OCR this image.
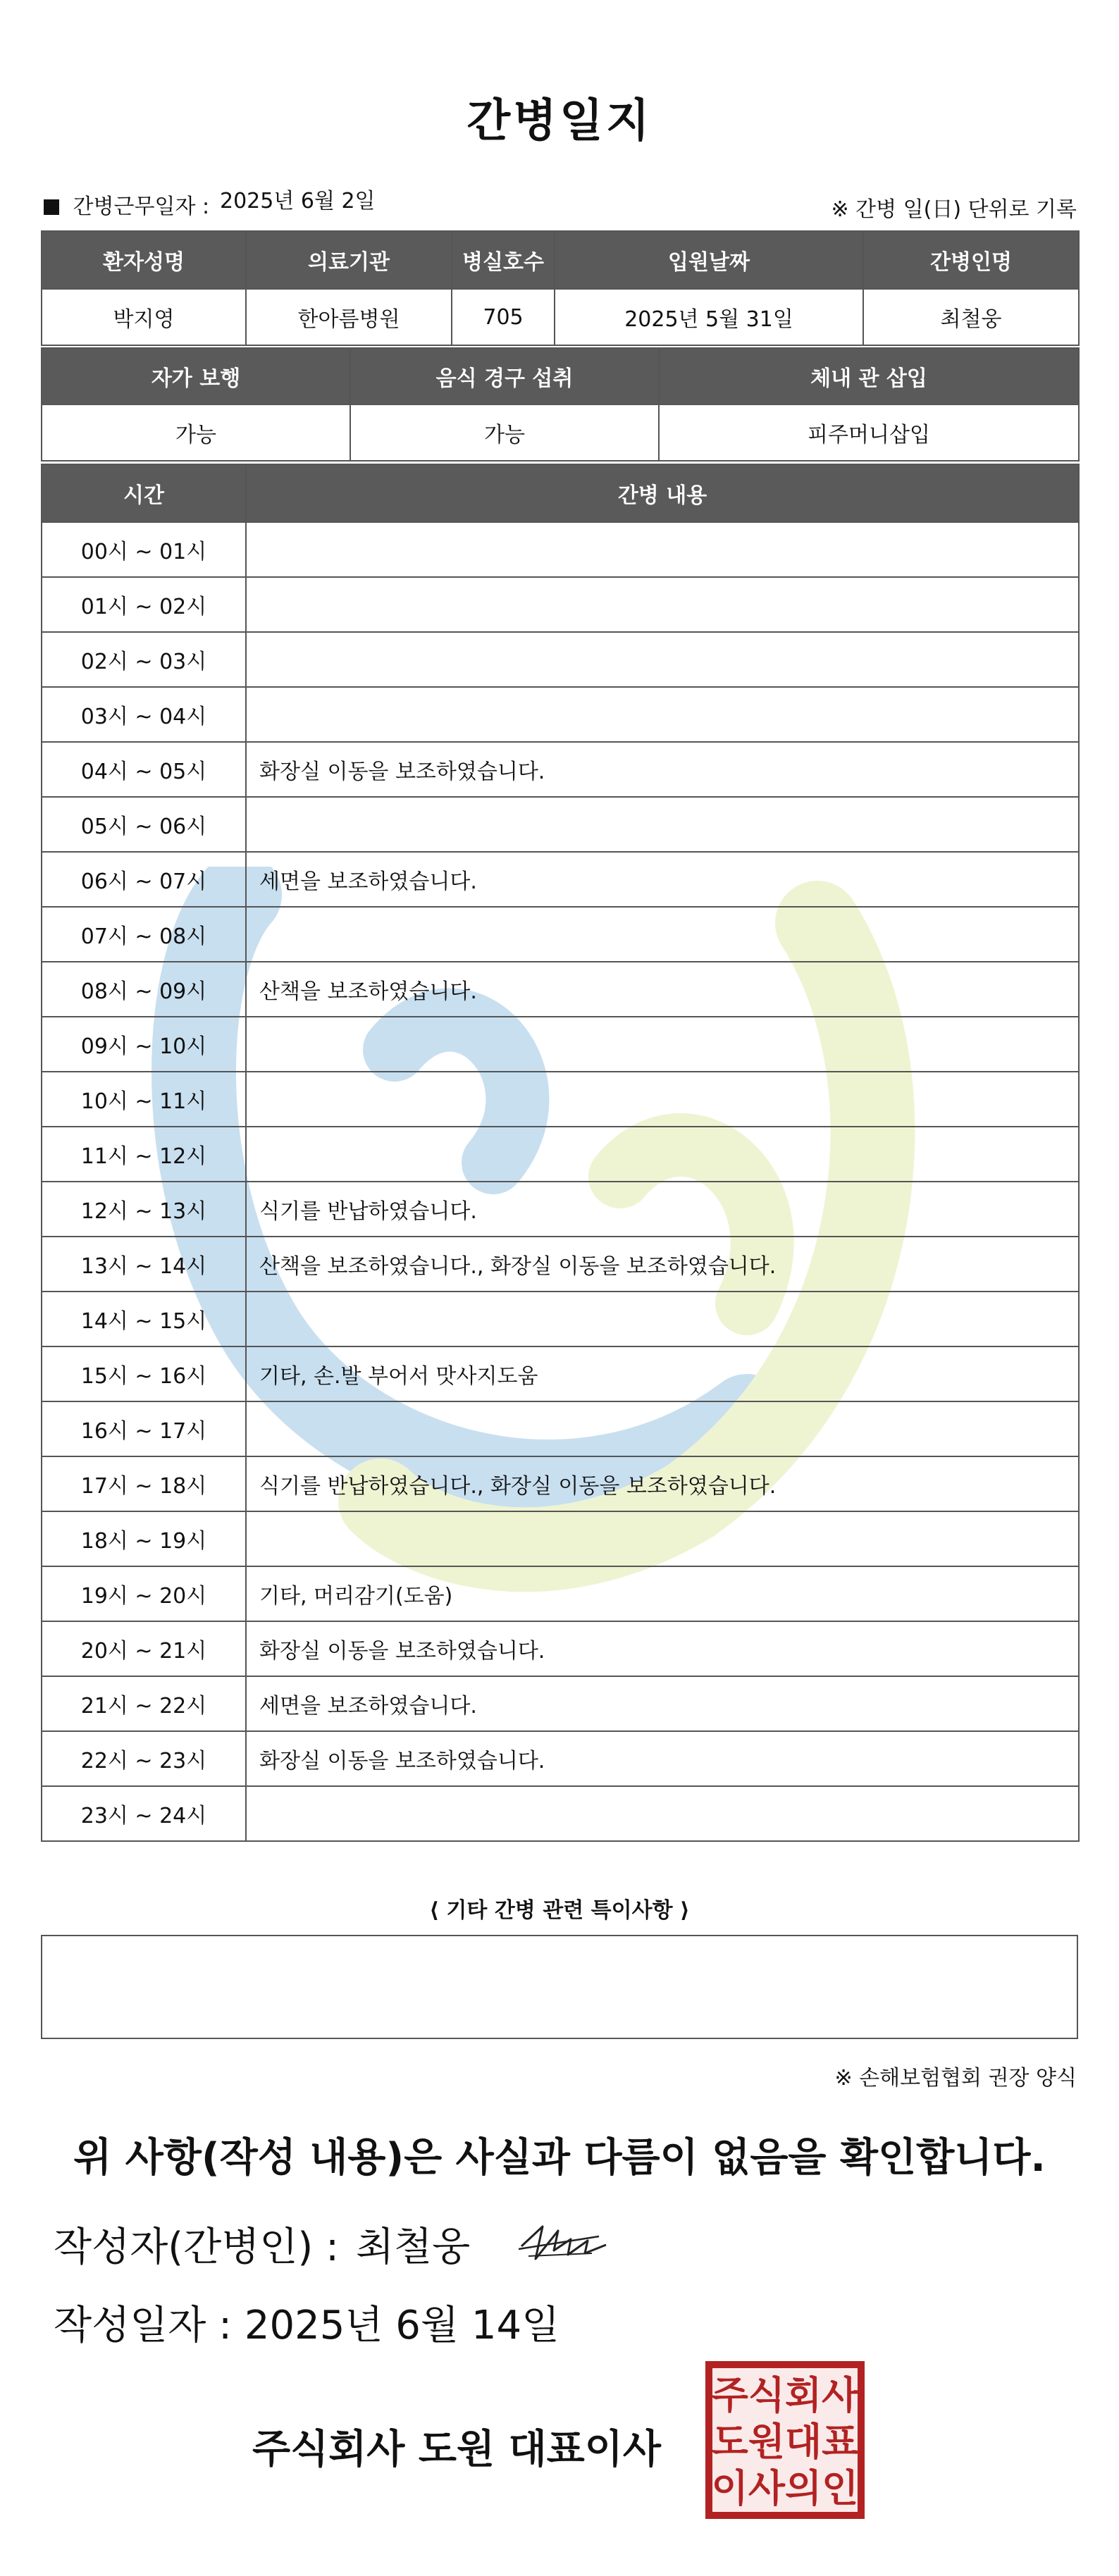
간병일지
간병근무일자 : 2025년 6월 2일	※ 간병 일(日) 단위로 기록
환자성명	의료기관	병실호수	입원날짜	간병인명
박지영	한아름병원	705	2025년 5월 31일	최철웅
자가 보행	음식 경구 섭취	체내 관 삽입
가능	가능	피주머니삽입
시간	간병 내용
00시 ~ 01시	
01시 ~ 02시	
02시 ~ 03시	
03시 ~ 04시	
04시 ~ 05시	화장실 이동을 보조하였습니다.
05시 ~ 06시	
06시 ~ 07시	세면을 보조하였습니다.
07시 ~ 08시	
08시 ~ 09시	산책을 보조하였습니다.
09시 ~ 10시	
10시 ~ 11시	
11시 ~ 12시	
12시 ~ 13시	식기를 반납하였습니다.
13시 ~ 14시	산책을 보조하였습니다., 화장실 이동을 보조하였습니다.
14시 ~ 15시	
15시 ~ 16시	기타, 손.발 부어서 맛사지도움
16시 ~ 17시	
17시 ~ 18시	식기를 반납하였습니다., 화장실 이동을 보조하였습니다.
18시 ~ 19시	
19시 ~ 20시	기타, 머리감기(도움)
20시 ~ 21시	화장실 이동을 보조하였습니다.
21시 ~ 22시	세면을 보조하였습니다.
22시 ~ 23시	화장실 이동을 보조하였습니다.
23시 ~ 24시	
⟨ 기타 간병 관련 특이사항 ⟩
※ 손해보험협회 권장 양식
위 사항(작성 내용)은 사실과 다름이 없음을 확인합니다.
작성자(간병인) : 최철웅
작성일자 : 2025년 6월 14일
주식회사 도원 대표이사
주식회사
도원대표
이사의인
